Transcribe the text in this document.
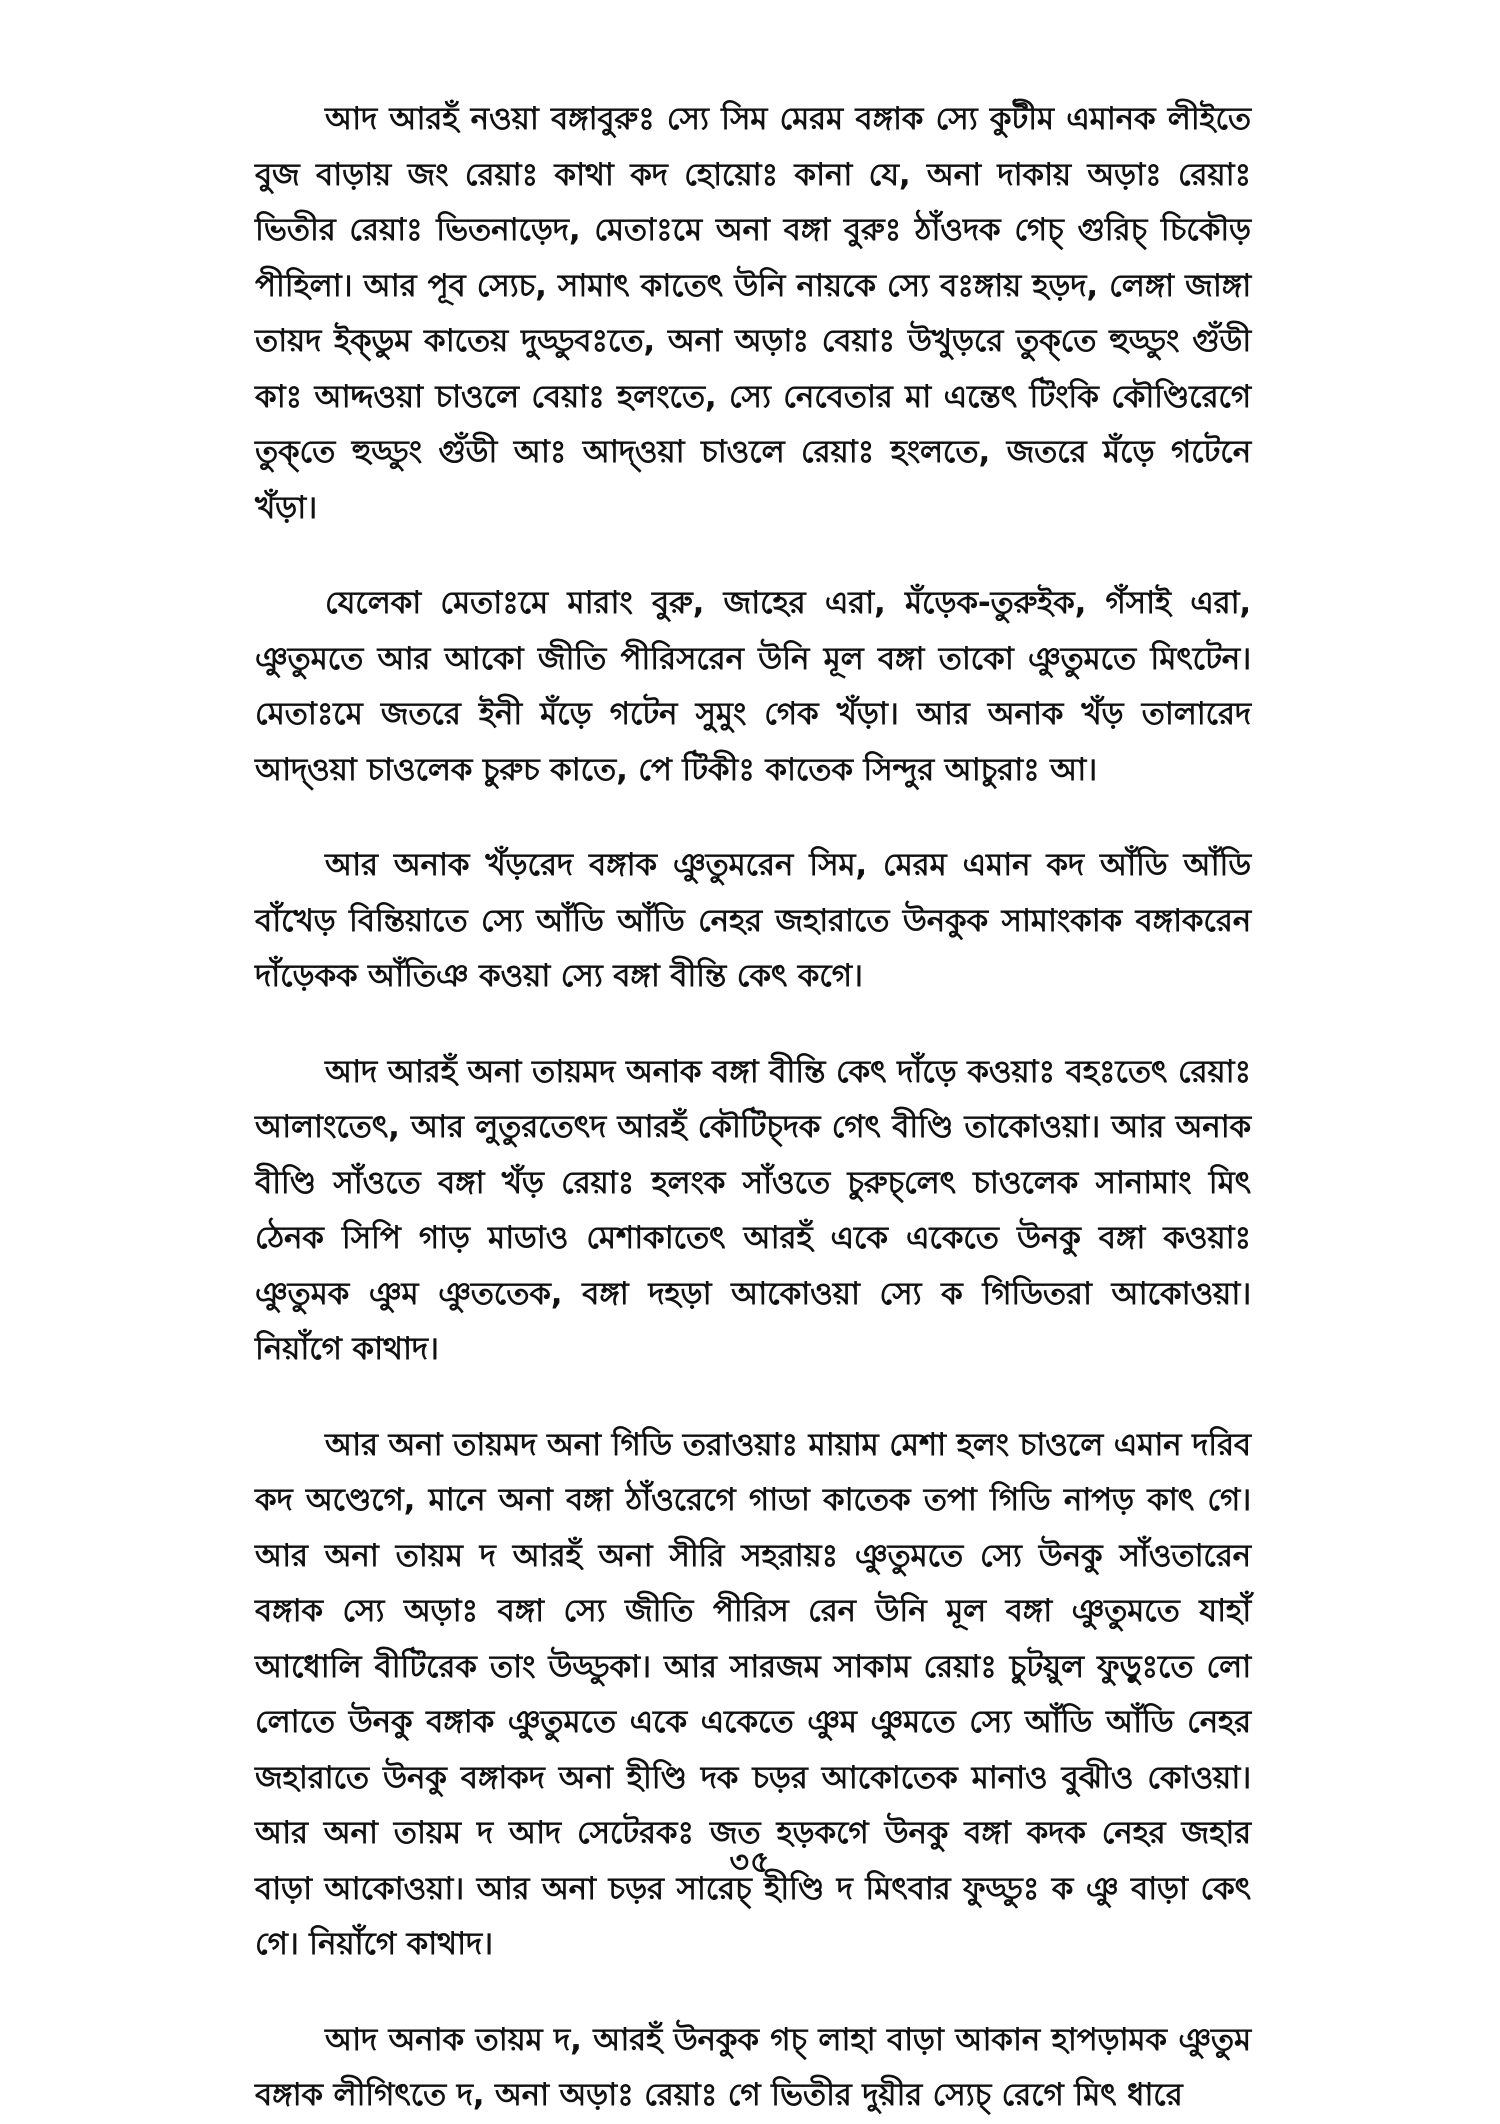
আদ আরহঁ নওয়া বঙ্গাবুরুঃ স্যে সিম মেরম বঙ্গাক স্যে কুটীম এমানক লীইতে বুজ বাড়ায় জং রেয়াঃ কাথা কদ হোয়োঃ কানা যে, অনা দাকায় অড়াঃ রেয়াঃ ভিতীর রেয়াঃ ভিতনাড়েদ, মেতাঃমে অনা বঙ্গা বুরুঃ ঠাঁওদক গেচ্ গুরিচ্ চিকৌড় পীহিলা। আর পূব স্যেচ, সামাৎ কাতেৎ উনি নায়কে স্যে বঃঙ্গায় হড়দ, লেঙ্গা জাঙ্গা তায়দ ইক্ডুম কাতেয় দুড্ডুবঃতে, অনা অড়াঃ বেয়াঃ উখুড়রে তুক্‌তে হুড্ডুং গুঁডী কাঃ আদ্দওয়া চাওলে বেয়াঃ হলংতে, স্যে নেবেতার মা এন্তেৎ টিংকি কৌণ্ডিরেগে তুক্‌তে হুড্ডুং গুঁডী আঃ আদ্ওয়া চাওলে রেয়াঃ হংলতে, জতরে মঁড়ে গটেনে খঁড়া।

যেলেকা মেতাঃমে মারাং বুরু, জাহের এরা, মঁড়েক-তুরুইক, গঁসাই এরা, ঞুতুমতে আর আকো জীতি পীরিসরেন উনি মূল বঙ্গা তাকো ঞুতুমতে মিৎটেন। মেতাঃমে জতরে ইনী মঁড়ে গটেন সুমুং গেক খঁড়া। আর অনাক খঁড় তালারেদ আদ্ওয়া চাওলেক চুরুচ কাতে, পে টিকীঃ কাতেক সিন্দুর আচুরাঃ আ।

আর অনাক খঁড়রেদ বঙ্গাক ঞুতুমরেন সিম, মেরম এমান কদ আঁডি আঁডি বাঁখেড় বিন্তিয়াতে স্যে আঁডি আঁডি নেহর জহারাতে উনকুক সামাংকাক বঙ্গাকরেন দাঁড়েকক আঁতিঞ কওয়া স্যে বঙ্গা বীন্তি কেৎ কগে।

আদ আরহঁ অনা তায়মদ অনাক বঙ্গা বীন্তি কেৎ দাঁড়ে কওয়াঃ বহঃতেৎ রেয়াঃ আলাংতেৎ, আর লুতুরতেৎদ আরহঁ কৌটিচ্‌দক গেৎ বীণ্ডি তাকোওয়া। আর অনাক বীণ্ডি সাঁওতে বঙ্গা খঁড় রেয়াঃ হলংক সাঁওতে চুরুচ্‌লেৎ চাওলেক সানামাং মিৎ ঠেনক সিপি গাড় মাডাও মেশাকাতেৎ আরহঁ একে একেতে উনকু বঙ্গা কওয়াঃ ঞুতুমক ঞুম ঞুততেক, বঙ্গা দহড়া আকোওয়া স্যে ক গিডিতরা আকোওয়া। নিয়াঁগে কাথাদ।

আর অনা তায়মদ অনা গিডি তরাওয়াঃ মায়াম মেশা হলং চাওলে এমান দরিব কদ অণ্ডেগে, মানে অনা বঙ্গা ঠাঁওরেগে গাডা কাতেক তপা গিডি নাপড় কাৎ গে। আর অনা তায়ম দ আরহঁ অনা সীরি সহরায়ঃ ঞুতুমতে স্যে উনকু সাঁওতারেন বঙ্গাক স্যে অড়াঃ বঙ্গা স্যে জীতি পীরিস রেন উনি মূল বঙ্গা ঞুতুমতে যাহাঁ আধোলি বীটিরেক তাং উড্ডুকা। আর সারজম সাকাম রেয়াঃ চুটয়ুল ফুড়ুঃতে লো লোতে উনকু বঙ্গাক ঞুতুমতে একে একেতে ঞুম ঞুমতে স্যে আঁডি আঁডি নেহর জহারাতে উনকু বঙ্গাকদ অনা হীণ্ডি দক চড়র আকোতেক মানাও বুঝীও কোওয়া। আর অনা তায়ম দ আদ সেটেরকঃ জত হড়কগে উনকু বঙ্গা কদক নেহর জহার বাড়া আকোওয়া। আর অনা চড়র সারেচ্ হীণ্ডি দ মিৎবার ফুড্ডুঃ ক ঞু বাড়া কেৎ গে। নিয়াঁগে কাথাদ।

আদ অনাক তায়ম দ, আরহঁ উনকুক গচ্ লাহা বাড়া আকান হাপড়ামক ঞুতুম বঙ্গাক লীগিৎতে দ, অনা অড়াঃ রেয়াঃ গে ভিতীর দুয়ীর স্যেচ্ রেগে মিৎ ধারে

৩৫
